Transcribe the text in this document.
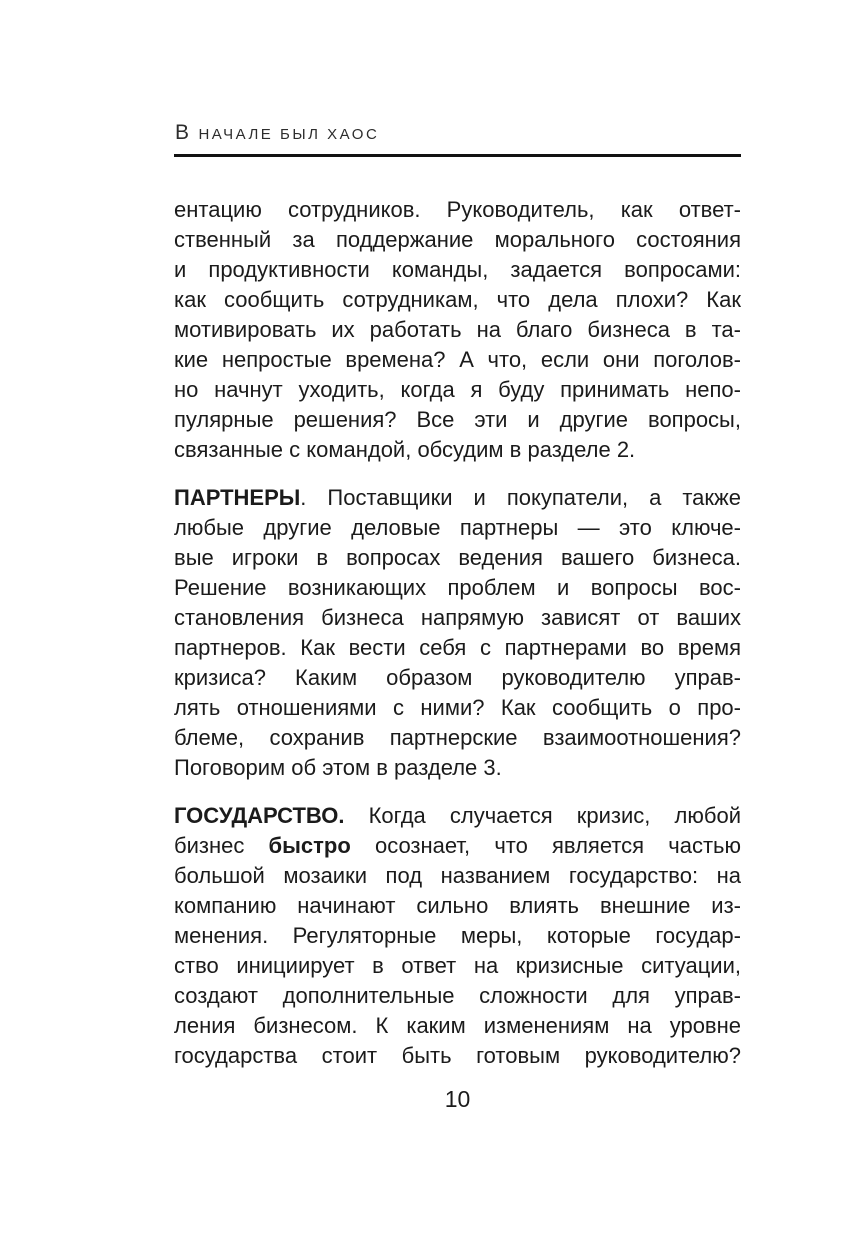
В НАЧАЛЕ БЫЛ ХАОС
ентацию сотрудников. Руководитель, как ответ-
ственный за поддержание морального состояния
и продуктивности команды, задается вопросами:
как сообщить сотрудникам, что дела плохи? Как
мотивировать их работать на благо бизнеса в та-
кие непростые времена? А что, если они поголов-
но начнут уходить, когда я буду принимать непо-
пулярные решения? Все эти и другие вопросы,
связанные с командой, обсудим в разделе 2.
ПАРТНЕРЫ. Поставщики и покупатели, а также
любые другие деловые партнеры — это ключе-
вые игроки в вопросах ведения вашего бизнеса.
Решение возникающих проблем и вопросы вос-
становления бизнеса напрямую зависят от ваших
партнеров. Как вести себя с партнерами во время
кризиса? Каким образом руководителю управ-
лять отношениями с ними? Как сообщить о про-
блеме, сохранив партнерские взаимоотношения?
Поговорим об этом в разделе 3.
ГОСУДАРСТВО. Когда случается кризис, любой
бизнес быстро осознает, что является частью
большой мозаики под названием государство: на
компанию начинают сильно влиять внешние из-
менения. Регуляторные меры, которые государ-
ство инициирует в ответ на кризисные ситуации,
создают дополнительные сложности для управ-
ления бизнесом. К каким изменениям на уровне
государства стоит быть готовым руководителю?
10
